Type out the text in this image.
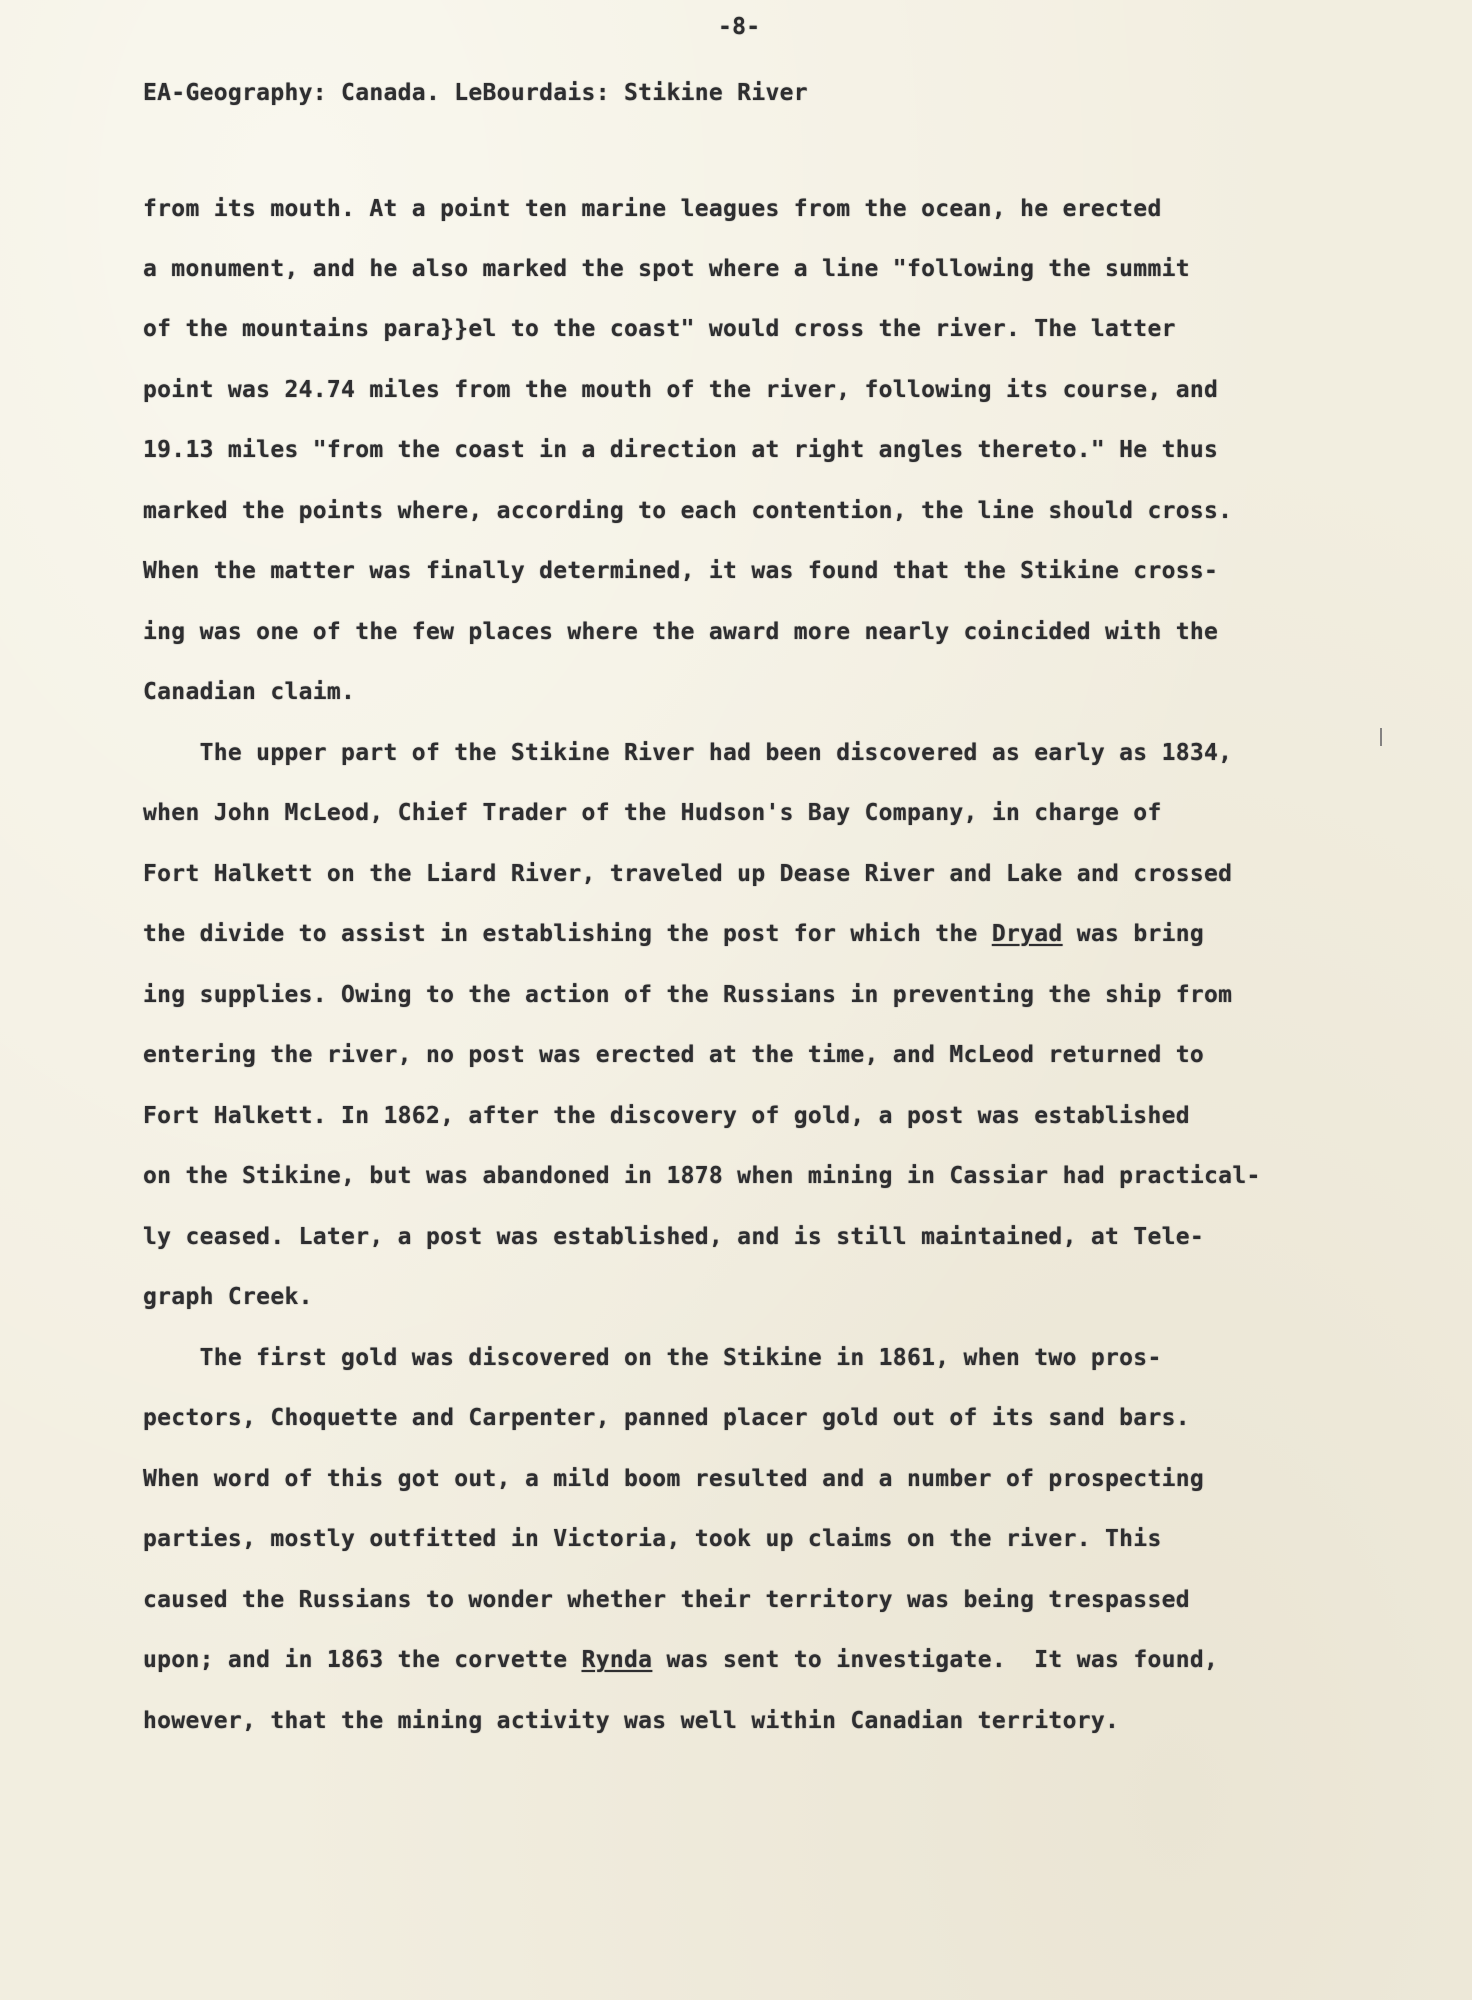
-8-
EA-Geography: Canada. LeBourdais: Stikine River
from its mouth. At a point ten marine leagues from the ocean, he erected
a monument, and he also marked the spot where a line "following the summit
of the mountains para}}el to the coast" would cross the river. The latter
point was 24.74 miles from the mouth of the river, following its course, and
19.13 miles "from the coast in a direction at right angles thereto." He thus
marked the points where, according to each contention, the line should cross.
When the matter was finally determined, it was found that the Stikine cross-
ing was one of the few places where the award more nearly coincided with the
Canadian claim.
The upper part of the Stikine River had been discovered as early as 1834,
when John McLeod, Chief Trader of the Hudson's Bay Company, in charge of
Fort Halkett on the Liard River, traveled up Dease River and Lake and crossed
the divide to assist in establishing the post for which the Dryad was bring
ing supplies. Owing to the action of the Russians in preventing the ship from
entering the river, no post was erected at the time, and McLeod returned to
Fort Halkett. In 1862, after the discovery of gold, a post was established
on the Stikine, but was abandoned in 1878 when mining in Cassiar had practical-
ly ceased. Later, a post was established, and is still maintained, at Tele-
graph Creek.
The first gold was discovered on the Stikine in 1861, when two pros-
pectors, Choquette and Carpenter, panned placer gold out of its sand bars.
When word of this got out, a mild boom resulted and a number of prospecting
parties, mostly outfitted in Victoria, took up claims on the river. This
caused the Russians to wonder whether their territory was being trespassed
upon; and in 1863 the corvette Rynda was sent to investigate.  It was found,
however, that the mining activity was well within Canadian territory.
